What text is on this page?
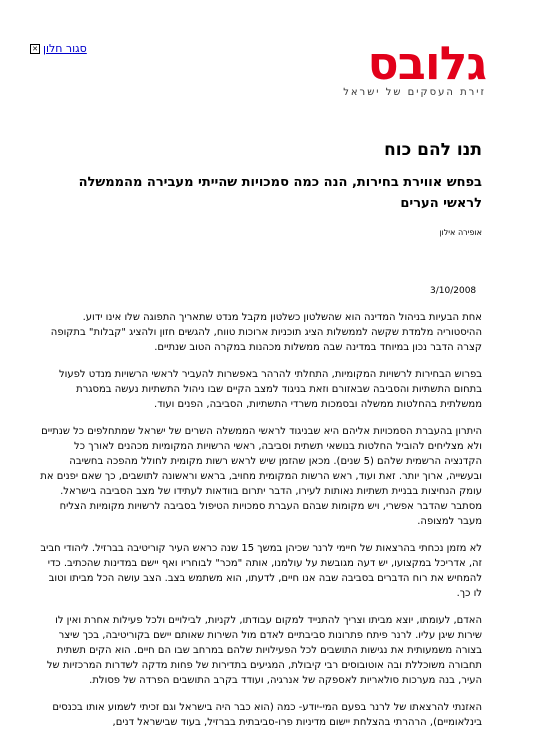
סגור חלון
✕	גלובס
זירת העסקים של ישראל
תנו להם כוח
בפחש אווירת בחירות, הנה כמה סמכויות שהייתי מעבירה מהממשלה לראשי הערים
אופירה אילון
3/10/2008

אחת הבעיות בניהול המדינה הוא שהשלטון כשלטון מקבל מנדט שתאריך התפוגה שלו אינו ידוע. ההיסטוריה מלמדת שקשה לממשלות הציג תוכניות ארוכות טווח, להגשים חזון ולהציג "קבלות" בתקופה קצרה הדבר נכון במיוחד במדינה שבה ממשלות מכהנות במקרה הטוב שנתיים.

בפרוש הבחירות לרשויות המקומיות, התחלתי להרהר באפשרות להעביר לראשי הרשויות מנדט לפעול בתחום התשתיות והסביבה שבאזורם וזאת בניגוד למצב הקיים שבו ניהול התשתיות נעשה במסגרת ממשלתית בהחלטות ממשלה ובסמכות משרדי התשתיות, הסביבה, הפנים ועוד.

היתרון בהעברת הסמכויות אליהם היא שבניגוד לראשי הממשלה השרים של ישראל שמתחלפים כל שנתיים ולא מצליחים להוביל החלטות בנושאי תשתית וסביבה, ראשי הרשויות המקומיות מכהנים לאורך כל הקדנציה הרשמית שלהם (5 שנים). מכאן שהזמן שיש לראש רשות מקומית לחולל מהפכה בחשיבה ובעשייה, ארוך יותר. זאת ועוד, ראש הרשות המקומית מחויב, בראש וראשונה לתושבים, כך שאם יפנים את עומק הנחיצות בבניית תשתיות נאותות לעירו, הדבר יתרום בוודאות לעתידו של מצב הסביבה בישראל. מסתבר שהדבר אפשרי, ויש מקומות שבהם העברת סמכויות הטיפול בסביבה לרשויות מקומיות הצליח מעבר למצופה.

לא מזמן נכחתי בהרצאות של חיימי לרנר שכיהן במשך 15 שנה כראש העיר קוריטיבה בברזיל. ליהודי חביב זה, אדריכל במקצועו, יש דעה מגובשת על עולמנו, אותה "מכר" לבוחריו ואף יישם במדינות שהכתיב. כדי להמחיש את רוח הדברים בסביבה שבה אנו חיים, לדעתו, הוא משתמש בצב. הצב עושה הכל מביתו וטוב לו כך.

האדם, לעומתו, יוצא מביתו וצריך להתנייד למקום עבודתו, לקניות, לבילויים ולכל פעילות אחרת ואין לו שירות שיגן עליו. לרנר פיתח פתרונות סביבתיים לאדם מול השירות שאותם יישם בקוריטיבה, בכך שיצר בצורה משמעותית את נגישות התושבים לכל הפעילויות שלהם במרחב שבו הם חיים. הוא הקים תשתית תחבורה משוכללת ובה אוטובוסים רבי קיבולת, המגיעים בתדירות של פחות מדקה לשדרות המרכזיות של העיר, בנה מערכות סולאריות לאספקה של אנרגיה, ועודד בקרב התושבים הפרדה של פסולת.

האזנתי להרצאתו של לרנר בפעם המי-יודע- כמה (הוא כבר היה בישראל וגם זכיתי לשמוע אותו בכנסים בינלאומיים), הרהרתי בהצלחת יישום מדיניות פרו-סביבתית בברזיל, בעוד שבישראל דנים,
